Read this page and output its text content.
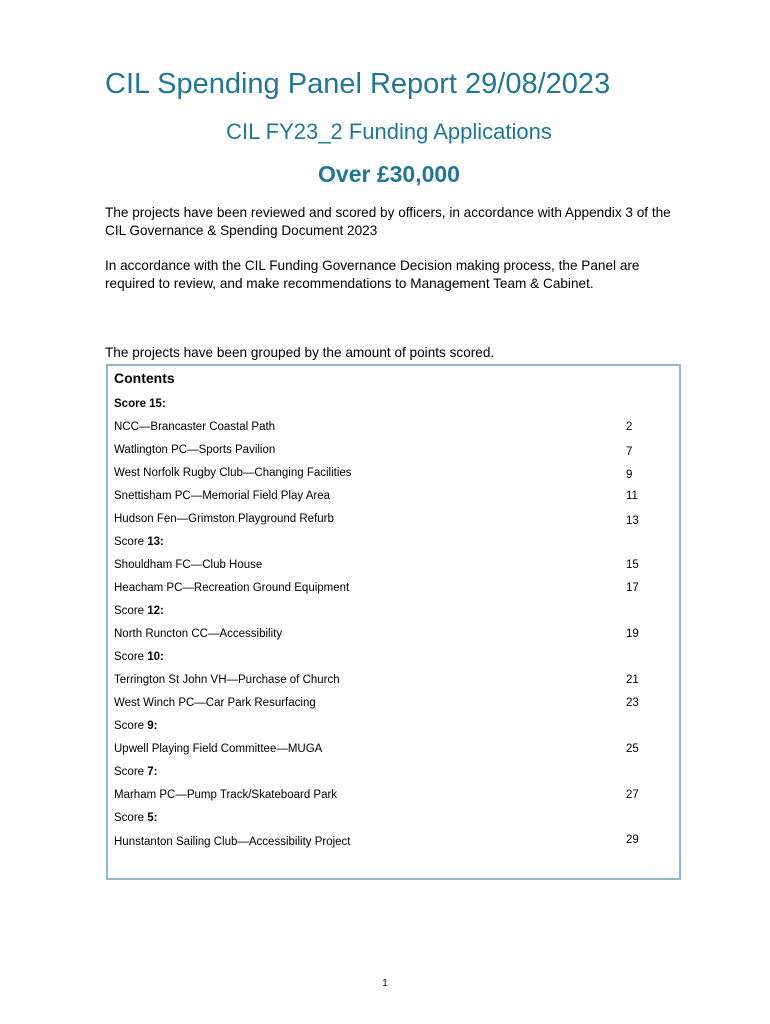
CIL Spending Panel Report 29/08/2023
CIL FY23_2 Funding Applications
Over £30,000
The projects have been reviewed and scored by officers, in accordance with Appendix 3 of the CIL Governance & Spending Document 2023
In accordance with the CIL Funding Governance Decision making process, the Panel are required to review, and make recommendations to Management Team & Cabinet.
The projects have been grouped by the amount of points scored.
Contents
Score 15:
NCC—Brancaster Coastal Path	2
Watlington PC—Sports Pavilion	7
West Norfolk Rugby Club—Changing Facilities	9
Snettisham PC—Memorial Field Play Area	11
Hudson Fen—Grimston Playground Refurb	13
Score 13:
Shouldham FC—Club House	15
Heacham PC—Recreation Ground Equipment	17
Score 12:
North Runcton CC—Accessibility	19
Score 10:
Terrington St John VH—Purchase of Church	21
West Winch PC—Car Park Resurfacing	23
Score 9:
Upwell Playing Field Committee—MUGA	25
Score 7:
Marham PC—Pump Track/Skateboard Park	27
Score 5:
Hunstanton Sailing Club—Accessibility Project	29
1
